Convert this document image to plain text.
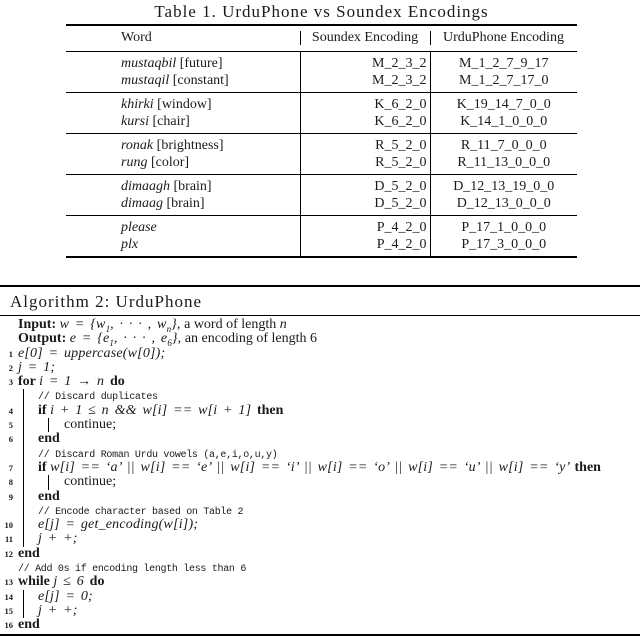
Table 1. UrduPhone vs Soundex Encodings
Word	Soundex Encoding	UrduPhone Encoding
mustaqbil [future]	M_2_3_2	M_1_2_7_9_17
mustaqil [constant]	M_2_3_2	M_1_2_7_17_0
khirki [window]	K_6_2_0	K_19_14_7_0_0
kursi [chair]	K_6_2_0	K_14_1_0_0_0
ronak [brightness]	R_5_2_0	R_11_7_0_0_0
rung [color]	R_5_2_0	R_11_13_0_0_0
dimaagh [brain]	D_5_2_0	D_12_13_19_0_0
dimaag [brain]	D_5_2_0	D_12_13_0_0_0
please	P_4_2_0	P_17_1_0_0_0
plx	P_4_2_0	P_17_3_0_0_0
Algorithm 2: UrduPhone
Input: $w = \{w_1$, · · · , $w_n$}, a word of length n
Output: $e = \{e_1$, · · · , $e_6$}, an encoding of length 6
1 e[0] = uppercase(w[0]);
2 j = 1;
3 for i = 1 → n do
// Discard duplicates
4 if i + 1 ≤ n && w[i] == w[i + 1] then
5	continue;
6 end
// Discard Roman Urdu vowels (a,e,i,o,u,y)
7 if w[i] == ‘a’ || w[i] == ‘e’ || w[i] == ‘i’ || w[i] == ‘o’ || w[i] == ‘u’ || w[i] == ‘y’ then
8	continue;
9 end
// Encode character based on Table 2
10 e[j] = get_encoding(w[i]);
11 j + +;
12 end
// Add 0s if encoding length less than 6
13 while j ≤ 6 do
14 e[j] = 0;
15 j + +;
16 end
